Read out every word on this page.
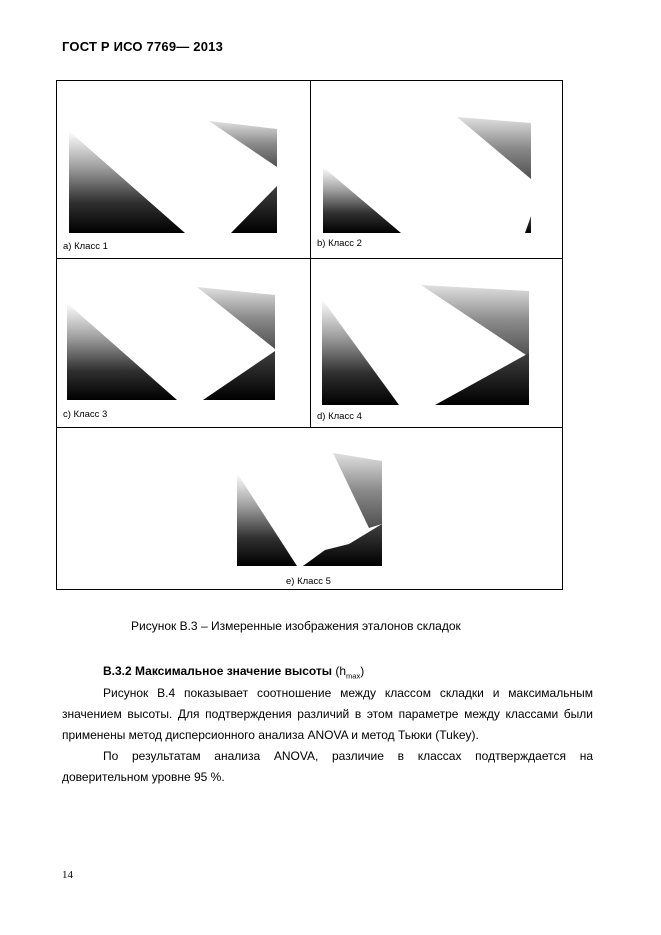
ГОСТ Р ИСО 7769— 2013
а) Класс 1	b) Класс 2
с) Класс 3	d) Класс 4
е) Класс 5
Рисунок В.3 – Измеренные изображения эталонов складок
В.3.2 Максимальное значение высоты $(h_{max})$
Рисунок В.4 показывает соотношение между классом складки и максимальным значением высоты. Для подтверждения различий в этом параметре между классами были применены метод дисперсионного анализа ANOVA и метод Тьюки (Tukey).
По результатам анализа ANOVA, различие в классах подтверждается на доверительном уровне 95 %.
14
